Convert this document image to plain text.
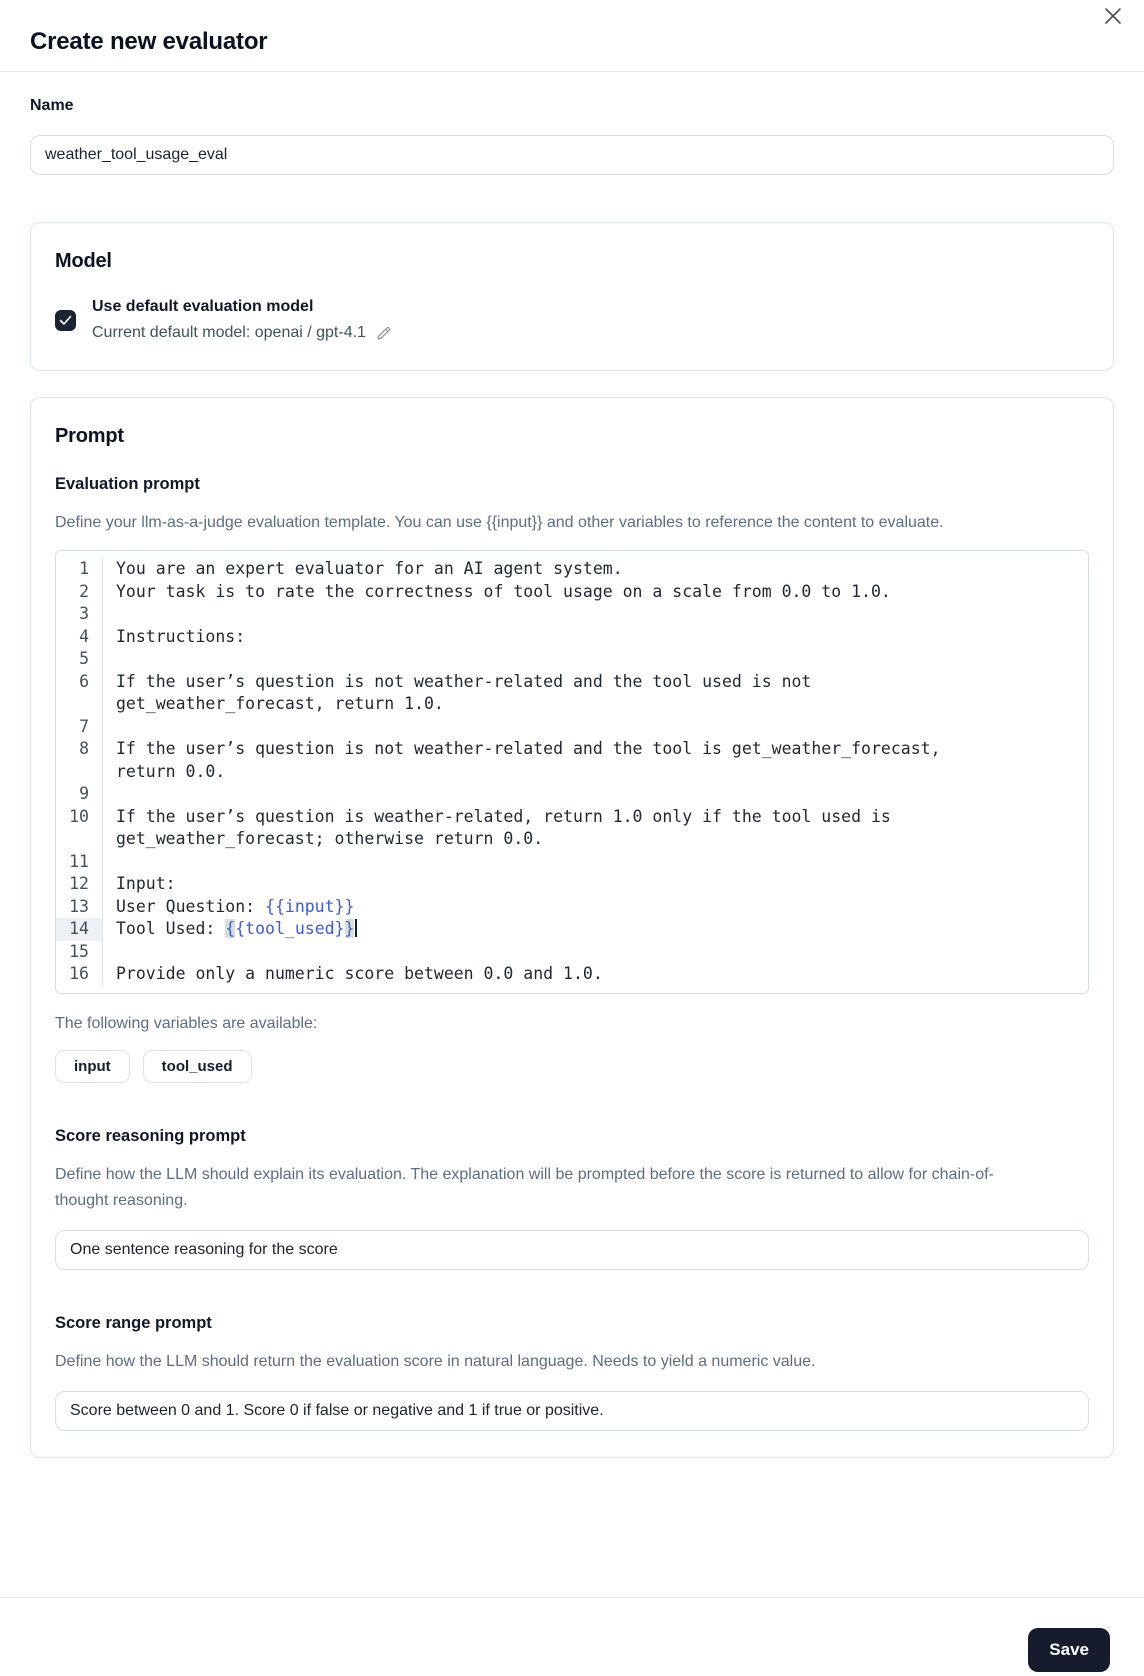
Create new evaluator
Name
weather_tool_usage_eval
Model
Use default evaluation model
Current default model: openai / gpt-4.1
Prompt
Evaluation prompt

Define your llm-as-a-judge evaluation template. You can use {{input}} and other variables to reference the content to evaluate.

1	You are an expert evaluator for an AI agent system.
2	Your task is to rate the correctness of tool usage on a scale from 0.0 to 1.0.
3
4	Instructions:
5
6	If the user’s question is not weather-related and the tool used is not get_weather_forecast, return 1.0.
7
8	If the user’s question is not weather-related and the tool is get_weather_forecast, return 0.0.
9
10	If the user’s question is weather-related, return 1.0 only if the tool used is get_weather_forecast; otherwise return 0.0.
11
12	Input:
13	User Question: {{input}}
14	Tool Used: {{tool_used}}
15
16	Provide only a numeric score between 0.0 and 1.0.

The following variables are available:

input	tool_used
Score reasoning prompt

Define how the LLM should explain its evaluation. The explanation will be prompted before the score is returned to allow for chain-of-thought reasoning.

One sentence reasoning for the score
Score range prompt

Define how the LLM should return the evaluation score in natural language. Needs to yield a numeric value.

Score between 0 and 1. Score 0 if false or negative and 1 if true or positive.
Save
